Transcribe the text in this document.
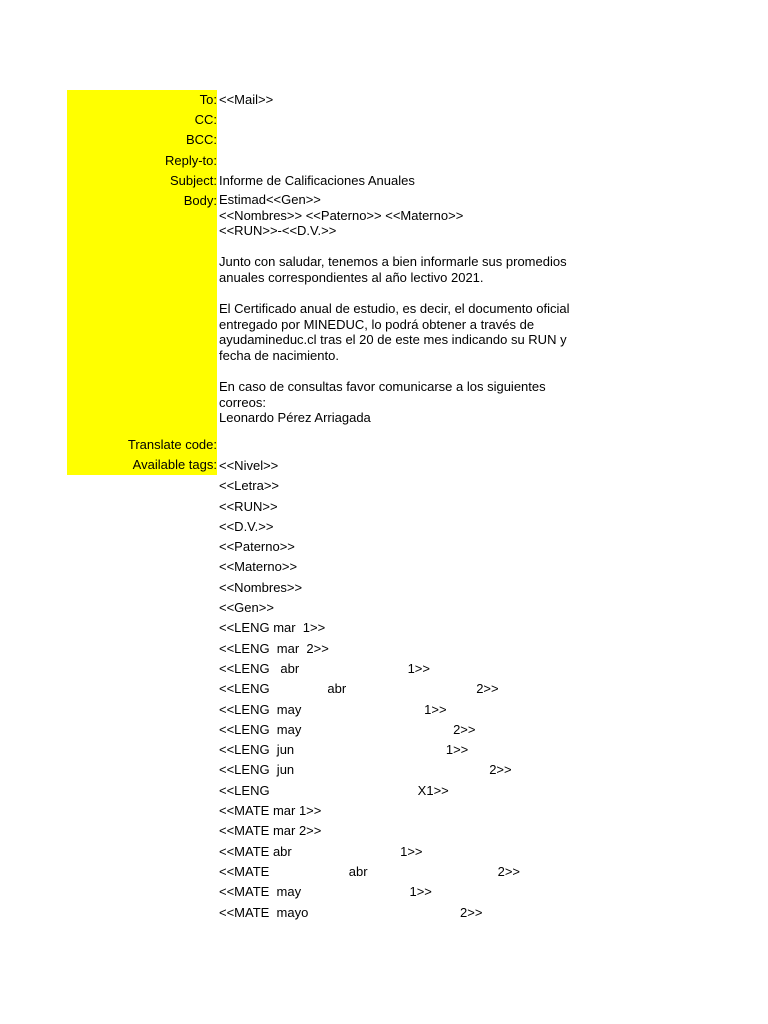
To: <<Mail>>
CC:
BCC:
Reply-to:
Subject: Informe de Calificaciones Anuales
Body: Estimad<<Gen>>

<<Nombres>> <<Paterno>> <<Materno>>

<<RUN>>-<<D.V.>>

Junto con saludar, tenemos a bien informarle sus promedios anuales correspondientes al año lectivo 2021.

El Certificado anual de estudio, es decir, el documento oficial entregado por MINEDUC, lo podrá obtener a través de ayudamineduc.cl tras el 20 de este mes indicando su RUN y fecha de nacimiento.

En caso de consultas favor comunicarse a los siguientes correos:

Leonardo Pérez Arriagada

Translate code:
Available tags: <<Nivel>>
<<Letra>>
<<RUN>>
<<D.V.>>
<<Paterno>>
<<Materno>>
<<Nombres>>
<<Gen>>
<<LENG mar  1>>
<<LENG  mar  2>>
<<LENG   abr                              1>>
<<LENG                abr                                    2>>
<<LENG  may                                  1>>
<<LENG  may                                          2>>
<<LENG  jun                                          1>>
<<LENG  jun                                                      2>>
<<LENG                                         X1>>
<<MATE mar 1>>
<<MATE mar 2>>
<<MATE abr                              1>>
<<MATE                      abr                                    2>>
<<MATE  may                              1>>
<<MATE  mayo                                          2>>
